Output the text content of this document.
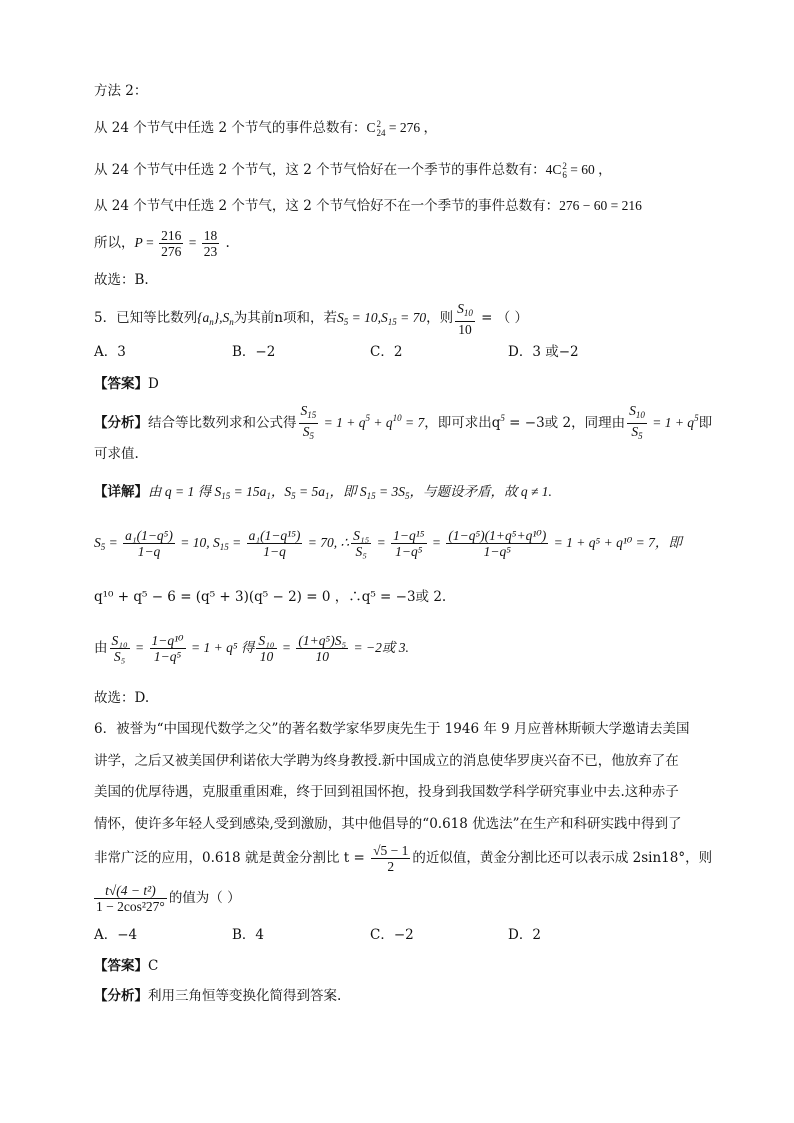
方法 2：
从 24 个节气中任选 2 个节气的事件总数有：C 2
24 = 276 ，
从 24 个节气中任选 2 个节气，这 2 个节气恰好在一个季节的事件总数有：4C 2
6 = 60 ，
从 24 个节气中任选 2 个节气，这 2 个节气恰好不在一个季节的事件总数有：276 − 60 = 216
所以，$P = \frac{216}{276} = \frac{18}{23}$ .
故选：B.
5．已知等比数列$\{a_n\},S_n$为其前n项和，若$S_5 = 10,S_{15} = 70$，则 $\frac{S_{10}}{10}$ = （ ）
A．3	B．−2	C．2	D．3 或−2
【答案】D
【分析】结合等比数列求和公式得 $\frac{S_{15}}{S_5} = 1 + q^5 + q^{10} = 7$，即可求出$q^5 = -3$或 2，同理由 $\frac{S_{10}}{S_5} = 1 + q^5$即
可求值.
【详解】由 q = 1 得 $S_{15} = 15a_1$，$S_5 = 5a_1$，即 $S_{15} = 3S_5$，与题设矛盾，故 q ≠ 1.
$S_5 = \frac{\text{a₁(1−q⁵)}}{1-q} = 10$, $S_{15} = \frac{\text{a₁(1−q¹⁵)}}{1-q} = 70$, ∴ $\frac{\text{S₁₅}}{\text{S₅}} = \frac{\text{1−q¹⁵}}{\text{1−q⁵}} = \frac{\text{(1−q⁵)(1+q⁵+q¹⁰)}}{\text{1−q⁵}} = 1 + q^5 + q^{10} = 7$，即
q¹⁰ + q⁵ − 6 = (q⁵ + 3)(q⁵ − 2) = 0 ，∴q⁵ = −3或 2.
由 $\frac{\text{S₁₀}}{\text{S₅}} = \frac{\text{1−q¹⁰}}{\text{1−q⁵}} = 1 + q^5$ 得 $\frac{\text{S₁₀}}{10} = \frac{\text{(1+q⁵)S₅}}{10} = -2$或 3.
故选：D.
6．被誉为“中国现代数学之父”的著名数学家华罗庚先生于 1946 年 9 月应普林斯顿大学邀请去美国
讲学，之后又被美国伊利诺依大学聘为终身教授.新中国成立的消息使华罗庚兴奋不已，他放弃了在
美国的优厚待遇，克服重重困难，终于回到祖国怀抱，投身到我国数学科学研究事业中去.这种赤子
情怀，使许多年轻人受到感染,受到激励，其中他倡导的“0.618 优选法”在生产和科研实践中得到了
非常广泛的应用，0.618 就是黄金分割比 $t = \frac{√5 - 1}{2}$ 的近似值，黄金分割比还可以表示成 2sin18°，则
$\frac{\text{t√(4 − t²)}}{\text{1 − 2cos²27°}}$ 的值为（ ）
A．−4	B．4	C．−2	D．2
【答案】C
【分析】利用三角恒等变换化简得到答案.
